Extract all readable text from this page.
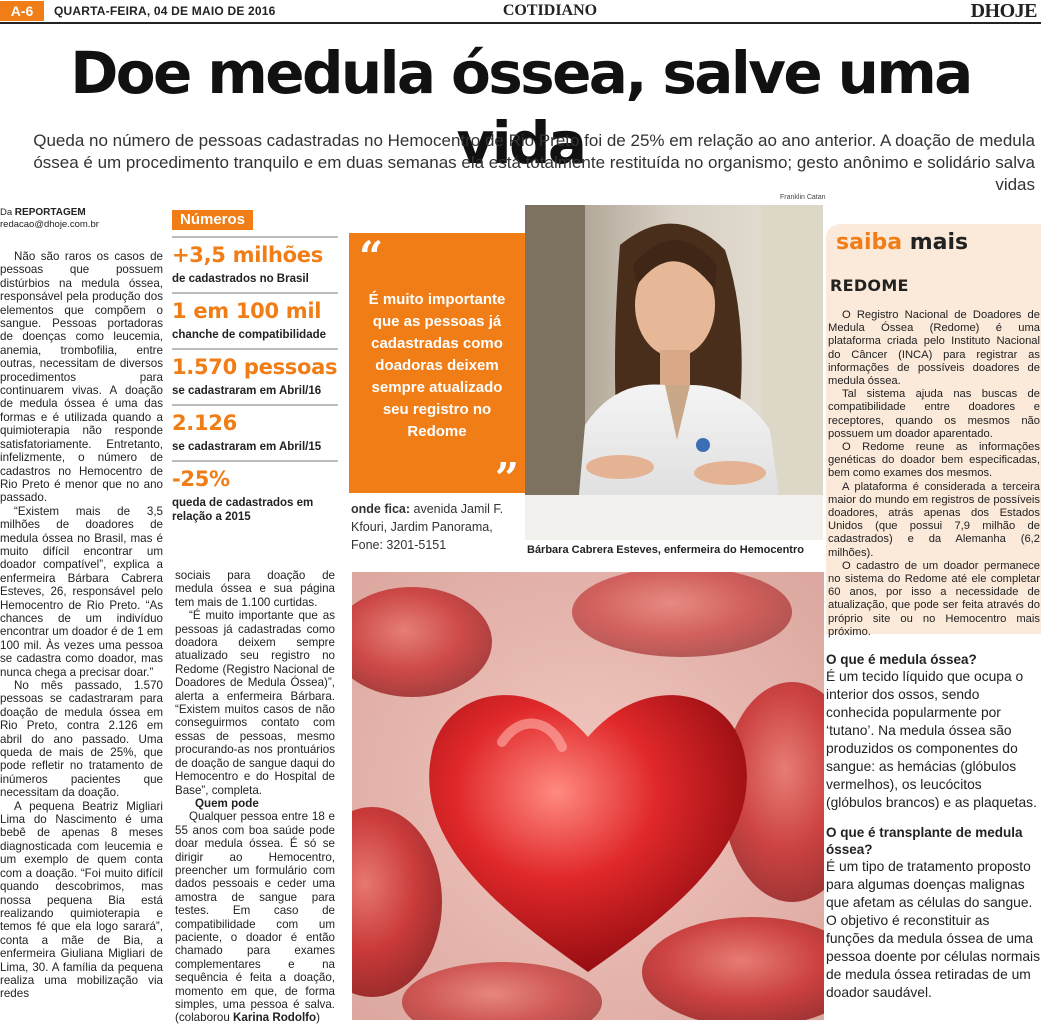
A-6	QUARTA-FEIRA, 04 DE MAIO DE 2016	COTIDIANO	DHOJE
Doe medula óssea, salve uma vida
Queda no número de pessoas cadastradas no Hemocentro de Rio Preto foi de 25% em relação ao ano anterior. A doação de medula óssea é um procedimento tranquilo e em duas semanas ela está totalmente restituída no organismo; gesto anônimo e solidário salva vidas
Da REPORTAGEM
redacao@dhoje.com.br

Não são raros os casos de pessoas que possuem distúrbios na medula óssea, responsável pela produção dos elementos que compõem o sangue. Pessoas portadoras de doenças como leucemia, anemia, trombofilia, entre outras, necessitam de diversos procedimentos para continuarem vivas. A doação de medula óssea é uma das formas e é utilizada quando a quimioterapia não responde satisfatoriamente. Entretanto, infelizmente, o número de cadastros no Hemocentro de Rio Preto é menor que no ano passado.

“Existem mais de 3,5 milhões de doadores de medula óssea no Brasil, mas é muito difícil encontrar um doador compatível”, explica a enfermeira Bárbara Cabrera Esteves, 26, responsável pelo Hemocentro de Rio Preto. “As chances de um indivíduo encontrar um doador é de 1 em 100 mil. Às vezes uma pessoa se cadastra como doador, mas nunca chega a precisar doar.”

No mês passado, 1.570 pessoas se cadastraram para doação de medula óssea em Rio Preto, contra 2.126 em abril do ano passado. Uma queda de mais de 25%, que pode refletir no tratamento de inúmeros pacientes que necessitam da doação.

A pequena Beatriz Migliari Lima do Nascimento é uma bebê de apenas 8 meses diagnosticada com leucemia e um exemplo de quem conta com a doação. “Foi muito difícil quando descobrimos, mas nossa pequena Bia está realizando quimioterapia e temos fé que ela logo sarará”, conta a mãe de Bia, a enfermeira Giuliana Migliari de Lima, 30. A família da pequena realiza uma mobilização via redes

Números
+3,5 milhões
de cadastrados no Brasil
1 em 100 mil
chanche de compatibilidade
1.570 pessoas
se cadastraram em Abril/16
2.126
se cadastraram em Abril/15
-25%
queda de cadastrados em relação a 2015

sociais para doação de medula óssea e sua página tem mais de 1.100 curtidas.

“É muito importante que as pessoas já cadastradas como doadora deixem sempre atualizado seu registro no Redome (Registro Nacional de Doadores de Medula Óssea)”, alerta a enfermeira Bárbara. “Existem muitos casos de não conseguirmos contato com essas de pessoas, mesmo procurando-as nos prontuários de doação de sangue daqui do Hemocentro e do Hospital de Base”, completa.

Quem pode

Qualquer pessoa entre 18 e 55 anos com boa saúde pode doar medula óssea. É só se dirigir ao Hemocentro, preencher um formulário com dados pessoais e ceder uma amostra de sangue para testes. Em caso de compatibilidade com um paciente, o doador é então chamado para exames complementares e na sequência é feita a doação, momento em que, de forma simples, uma pessoa é salva. (colaborou Karina Rodolfo)

“
É muito importante que as pessoas já cadastradas como doadoras deixem sempre atualizado seu registro no Redome
”
onde fica: avenida Jamil F. Kfouri, Jardim Panorama, Fone: 3201-5151
Franklin Catan
Bárbara Cabrera Esteves, enfermeira do Hemocentro
saiba mais
REDOME

O Registro Nacional de Doadores de Medula Óssea (Redome) é uma plataforma criada pelo Instituto Nacional do Câncer (INCA) para registrar as informações de possíveis doadores de medula óssea.

Tal sistema ajuda nas buscas de compatibilidade entre doadores e receptores, quando os mesmos não possuem um doador aparentado.

O Redome reune as informações genéticas do doador bem especificadas, bem como exames dos mesmos.

A plataforma é considerada a terceira maior do mundo em registros de possíveis doadores, atrás apenas dos Estados Unidos (que possui 7,9 milhão de cadastrados) e da Alemanha (6,2 milhões).

O cadastro de um doador permanece no sistema do Redome até ele completar 60 anos, por isso a necessidade de atualização, que pode ser feita através do próprio site ou no Hemocentro mais próximo.

O que é medula óssea?

É um tecido líquido que ocupa o interior dos ossos, sendo conhecida popularmente por ‘tutano’. Na medula óssea são produzidos os componentes do sangue: as hemácias (glóbulos vermelhos), os leucócitos (glóbulos brancos) e as plaquetas.

O que é transplante de medula óssea?

É um tipo de tratamento proposto para algumas doenças malignas que afetam as células do sangue. O objetivo é reconstituir as funções da medula óssea de uma pessoa doente por células normais de medula óssea retiradas de um doador saudável.
